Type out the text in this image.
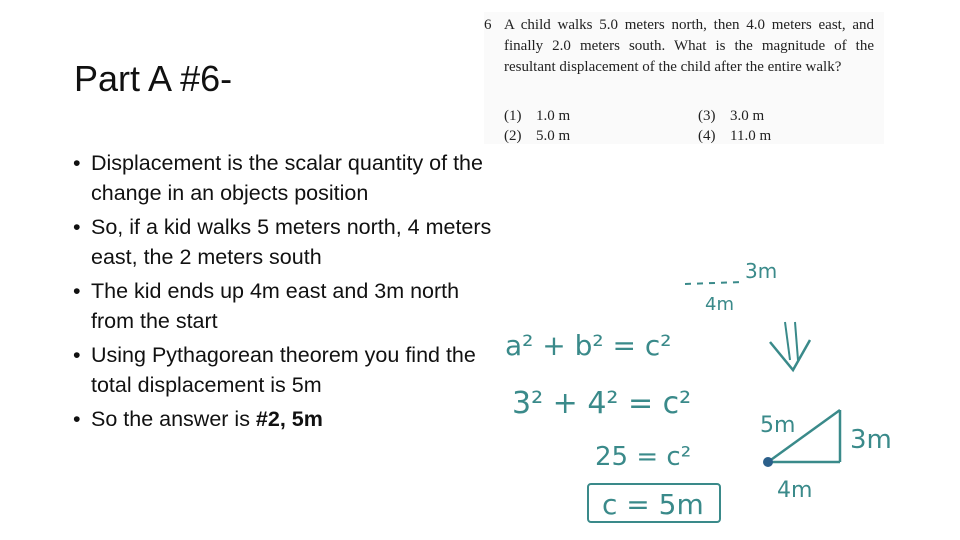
Part A #6-
• Displacement is the scalar quantity of the change in an objects position
• So, if a kid walks 5 meters north, 4 meters east, the 2 meters south
• The kid ends up 4m east and 3m north from the start
• Using Pythagorean theorem you find the total displacement is 5m
• So the answer is #2, 5m
6 A child walks 5.0 meters north, then 4.0 meters east, and finally 2.0 meters south. What is the magnitude of the resultant displacement of the child after the entire walk?
(1) 1.0 m
(2) 5.0 m
(3) 3.0 m
(4) 11.0 m
3m
4m
a² + b² = c²
3² + 4² = c²
25 = c²
c = 5m
5m 3m
4m
